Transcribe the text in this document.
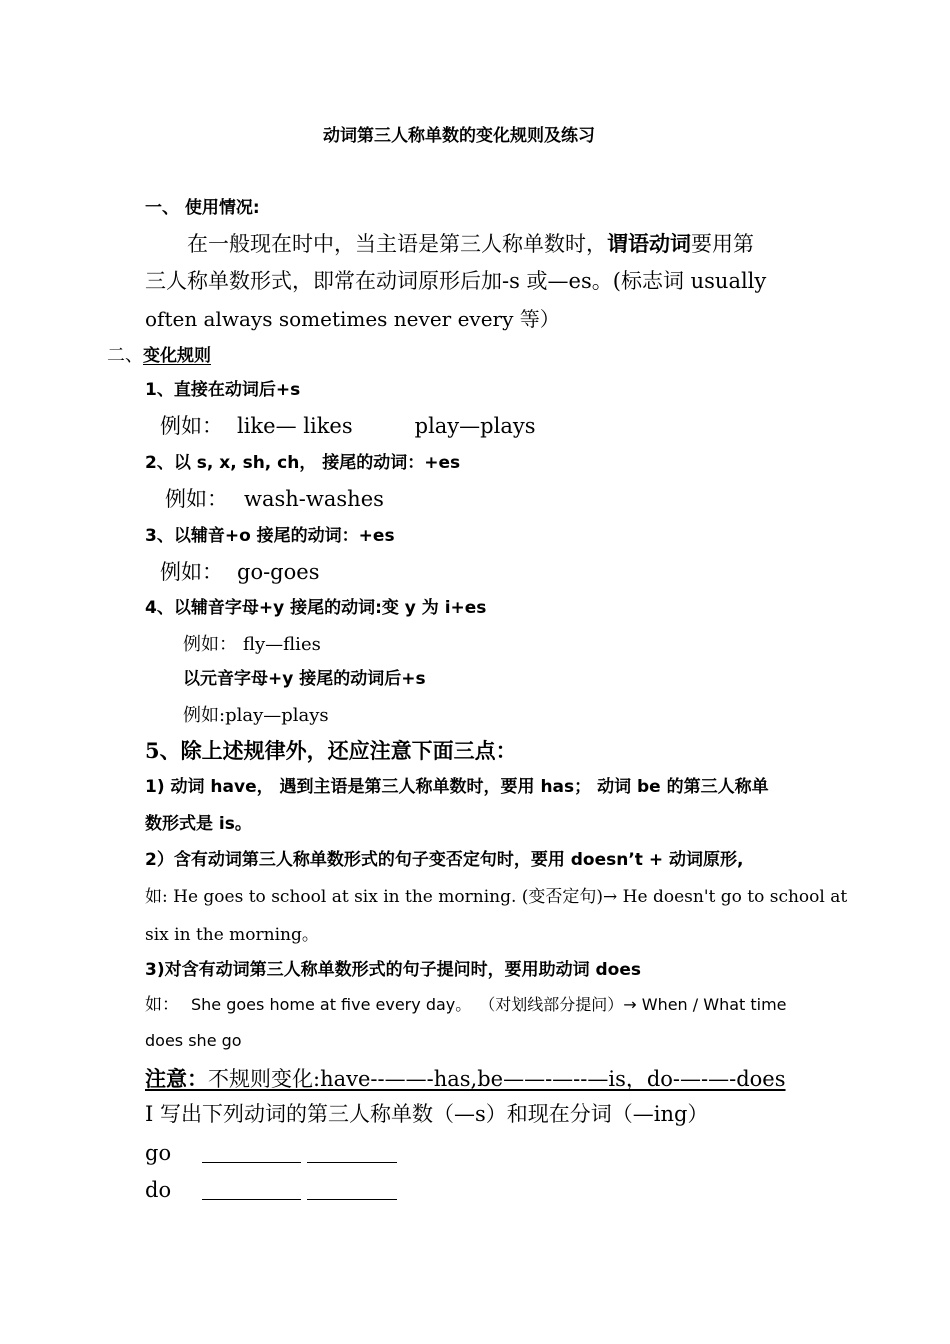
动词第三人称单数的变化规则及练习
一、 使用情况:
在一般现在时中，当主语是第三人称单数时，谓语动词要用第
三人称单数形式，即常在动词原形后加-s 或—es。(标志词 usually
often always sometimes never every 等）
二、变化规则
1、直接在动词后+s
例如： like— likes	play—plays
2、以 s, x, sh, ch， 接尾的动词：+es
例如： wash-washes
3、以辅音+o 接尾的动词：+es
例如： go-goes
4、以辅音字母+y 接尾的动词:变 y 为 i+es
例如： fly—flies
以元音字母+y 接尾的动词后+s
例如:play—plays
5、除上述规律外，还应注意下面三点：
1) 动词 have， 遇到主语是第三人称单数时，要用 has； 动词 be 的第三人称单
数形式是 is。
2）含有动词第三人称单数形式的句子变否定句时，要用 doesn’t + 动词原形,
如: He goes to school at six in the morning. (变否定句)→ He doesn't go to school at
six in the morning。
3)对含有动词第三人称单数形式的句子提问时，要用助动词 does
如： She goes home at five every day。 （对划线部分提问）→ When / What time
does she go
注意：不规则变化:have--——-has,be——-—--—is，do-—-—-does
I 写出下列动词的第三人称单数（—s）和现在分词（—ing）
go
do
